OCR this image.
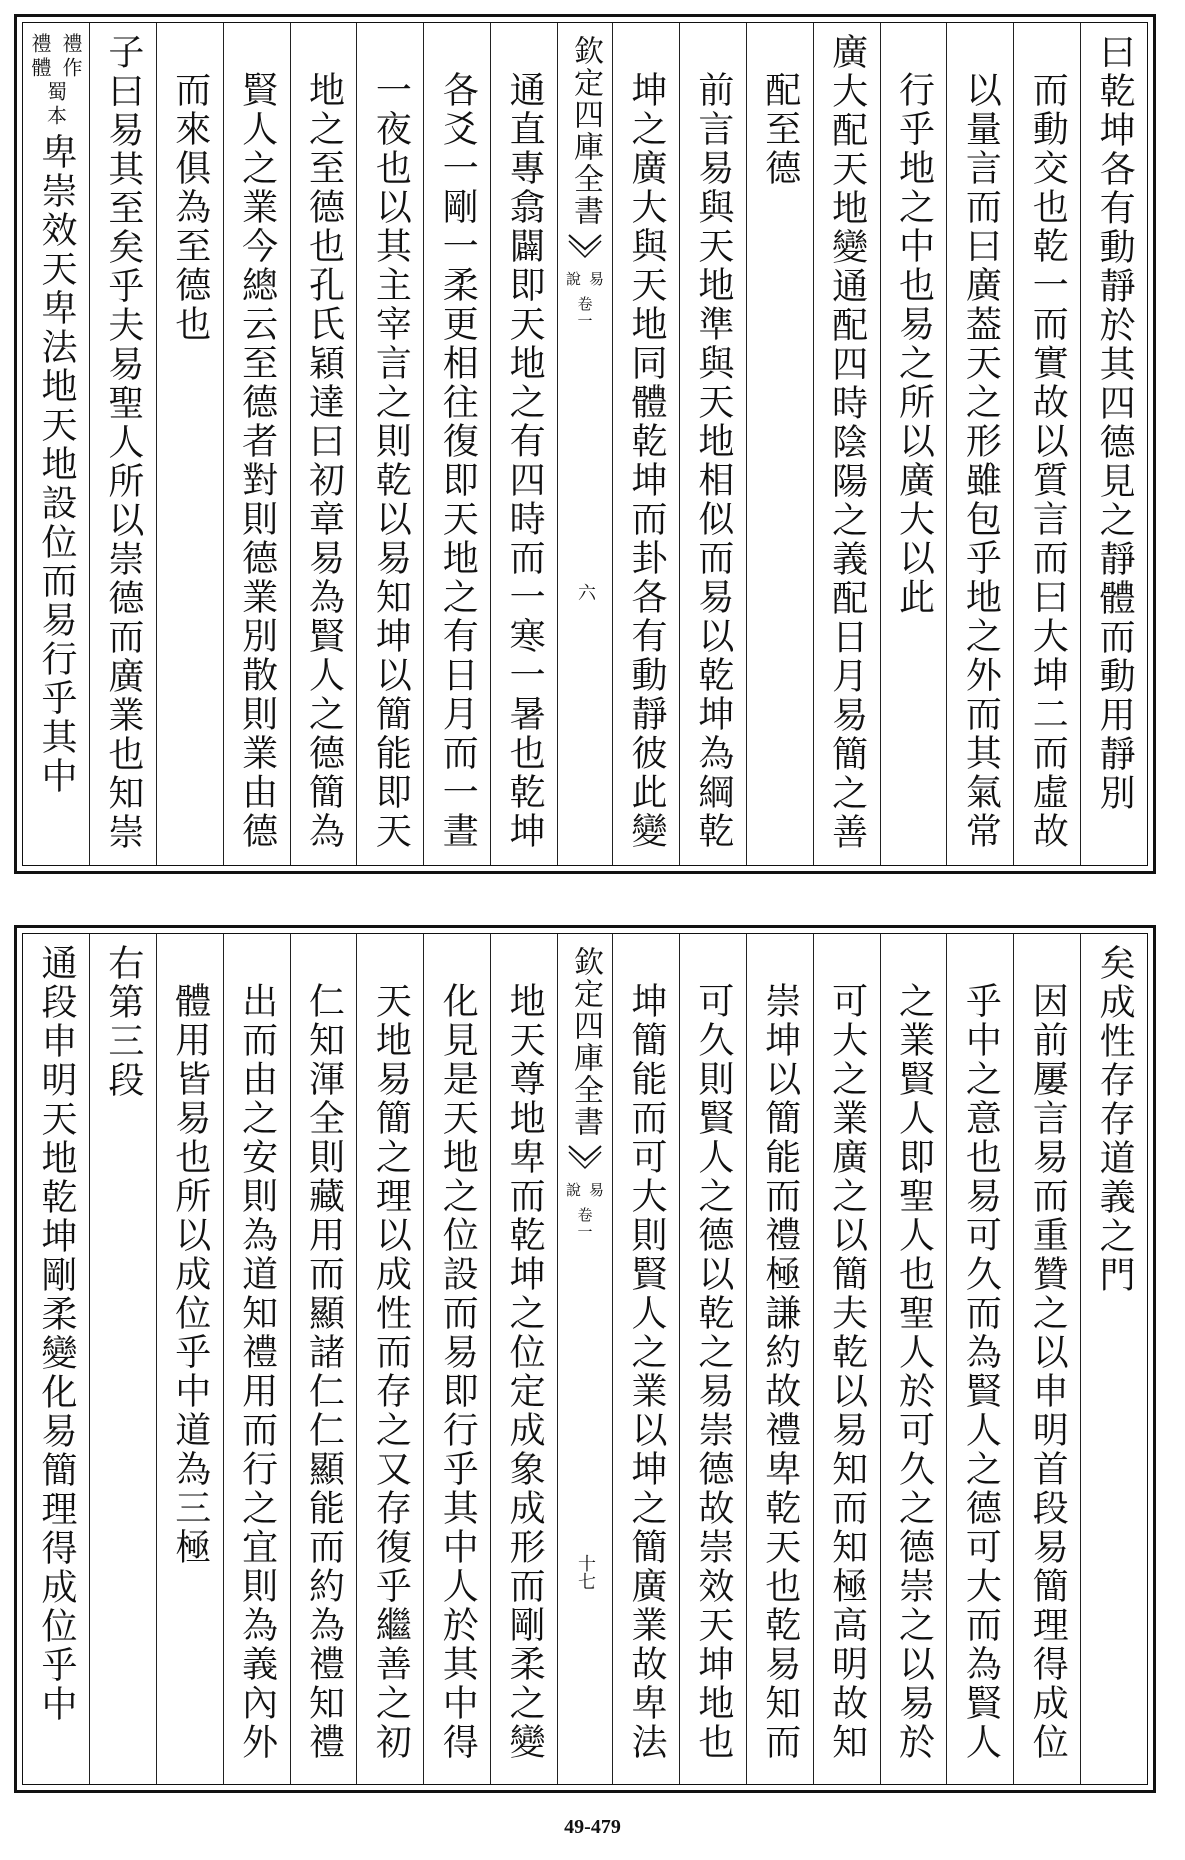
曰乾坤各有動靜於其四德見之靜體而動用靜別
而動交也乾一而實故以質言而曰大坤二而虛故
以量言而曰廣葢天之形雖包乎地之外而其氣常
行乎地之中也易之所以廣大以此
廣大配天地變通配四時陰陽之義配日月易簡之善
配至德
前言易與天地準與天地相似而易以乾坤為綱乾
坤之廣大與天地同體乾坤而卦各有動靜彼此變
欽定四庫全書
易
說
卷一
六
通直專翕闢即天地之有四時而一寒一暑也乾坤
各爻一剛一柔更相往復即天地之有日月而一晝
一夜也以其主宰言之則乾以易知坤以簡能即天
地之至德也孔氏穎達曰初章易為賢人之德簡為
賢人之業今總云至德者對則德業別散則業由德
而來俱為至德也
子曰易其至矣乎夫易聖人所以崇德而廣業也知崇
禮作
禮體
蜀本
卑崇效天卑法地天地設位而易行乎其中
矣成性存存道義之門
因前屢言易而重贊之以申明首段易簡理得成位
乎中之意也易可久而為賢人之德可大而為賢人
之業賢人即聖人也聖人於可久之德崇之以易於
可大之業廣之以簡夫乾以易知而知極高明故知
崇坤以簡能而禮極謙約故禮卑乾天也乾易知而
可久則賢人之德以乾之易崇德故崇效天坤地也
坤簡能而可大則賢人之業以坤之簡廣業故卑法
欽定四庫全書
易
說
卷一
十七
地天尊地卑而乾坤之位定成象成形而剛柔之變
化見是天地之位設而易即行乎其中人於其中得
天地易簡之理以成性而存之又存復乎繼善之初
仁知渾全則藏用而顯諸仁仁顯能而約為禮知禮
出而由之安則為道知禮用而行之宜則為義內外
體用皆易也所以成位乎中道為三極
右第三段
通段申明天地乾坤剛柔變化易簡理得成位乎中
49-479
